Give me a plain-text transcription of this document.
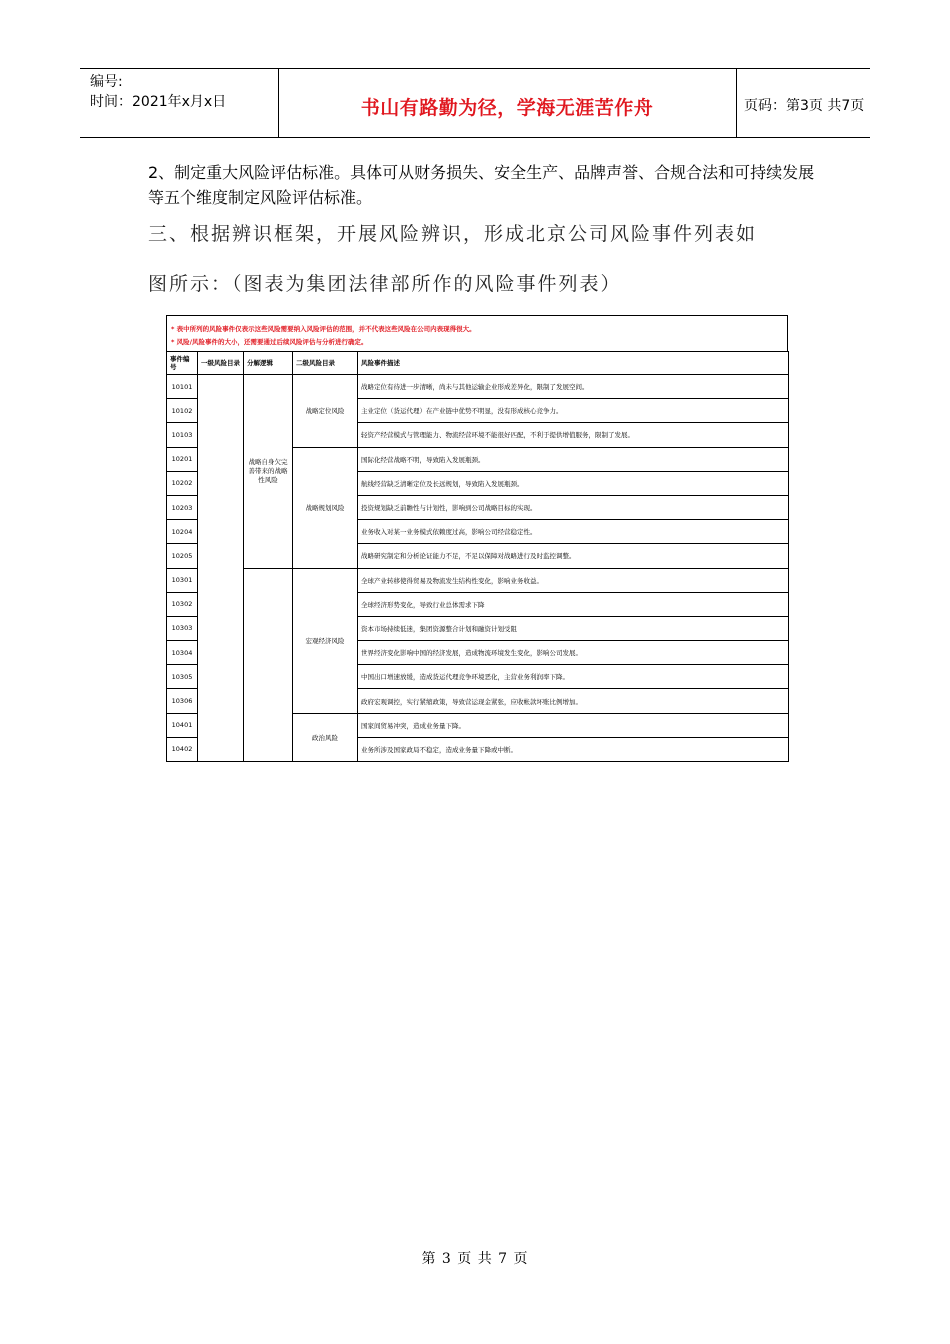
编号:
时间：2021年x月x日	书山有路勤为径，学海无涯苦作舟	页码：第3页 共7页
2、制定重大风险评估标准。具体可从财务损失、安全生产、品牌声誉、合规合法和可持续发展等五个维度制定风险评估标准。
三、根据辨识框架，开展风险辨识，形成北京公司风险事件列表如
图所示：（图表为集团法律部所作的风险事件列表）
* 表中所列的风险事件仅表示这些风险需要纳入风险评估的范围，并不代表这些风险在公司内表现得很大。
* 风险/风险事件的大小，还需要通过后续风险评估与分析进行确定。
事件编号	一级风险目录	分解逻辑	二级风险目录	风险事件描述
10101		战略自身欠完善带来的战略性风险	战略定位风险	战略定位有待进一步清晰，尚未与其他运输企业形成差异化，限制了发展空间。
10102				主业定位（货运代理）在产业链中优势不明显，没有形成核心竞争力。
10103				轻资产经营模式与管理能力、物流经营环境不能很好匹配，不利于提供增值服务，限制了发展。
10201			战略规划风险	国际化经营战略不明，导致陷入发展瓶颈。
10202				航线经营缺乏清晰定位及长远规划，导致陷入发展瓶颈。
10203				投资规划缺乏前瞻性与计划性，影响到公司战略目标的实现。
10204				业务收入对某一业务模式依赖度过高，影响公司经营稳定性。
10205				战略研究制定和分析论证能力不足，不足以保障对战略进行及时监控调整。
10301			宏观经济风险	全球产业转移使得贸易及物流发生结构性变化，影响业务收益。
10302				全球经济形势变化，导致行业总体需求下降
10303				资本市场持续低迷，集团资源整合计划和融资计划受阻
10304				世界经济变化影响中国的经济发展，造成物流环境发生变化，影响公司发展。
10305				中国出口增速放缓，造成货运代理竞争环境恶化，主营业务利润率下降。
10306				政府宏观调控，实行紧缩政策，导致营运现金紧张，应收帐款坏账比例增加。
10401			政治风险	国家间贸易冲突，造成业务量下降。
10402				业务所涉及国家政局不稳定，造成业务量下降或中断。
第 3 页 共 7 页
